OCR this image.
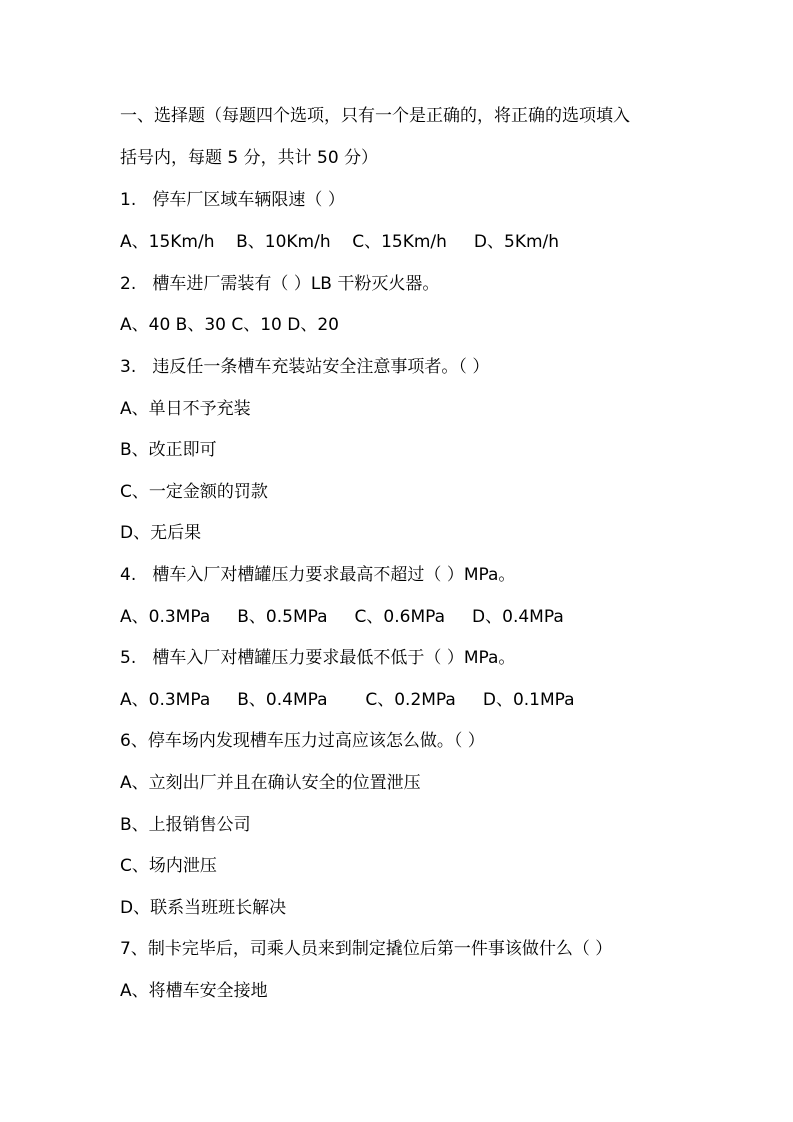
一、选择题（每题四个选项，只有一个是正确的，将正确的选项填入
括号内，每题 5 分，共计 50 分）
1.   停车厂区域车辆限速（ ）
A、15Km/h    B、10Km/h    C、15Km/h     D、5Km/h
2.   槽车进厂需装有（ ）LB 干粉灭火器。
A、40 B、30 C、10 D、20
3.   违反任一条槽车充装站安全注意事项者。（ ）
A、单日不予充装
B、改正即可
C、一定金额的罚款
D、无后果
4.   槽车入厂对槽罐压力要求最高不超过（ ）MPa。
A、0.3MPa     B、0.5MPa     C、0.6MPa     D、0.4MPa
5.   槽车入厂对槽罐压力要求最低不低于（ ）MPa。
A、0.3MPa     B、0.4MPa       C、0.2MPa     D、0.1MPa
6、停车场内发现槽车压力过高应该怎么做。（ ）
A、立刻出厂并且在确认安全的位置泄压
B、上报销售公司
C、场内泄压
D、联系当班班长解决
7、制卡完毕后，司乘人员来到制定撬位后第一件事该做什么（ ）
A、将槽车安全接地
